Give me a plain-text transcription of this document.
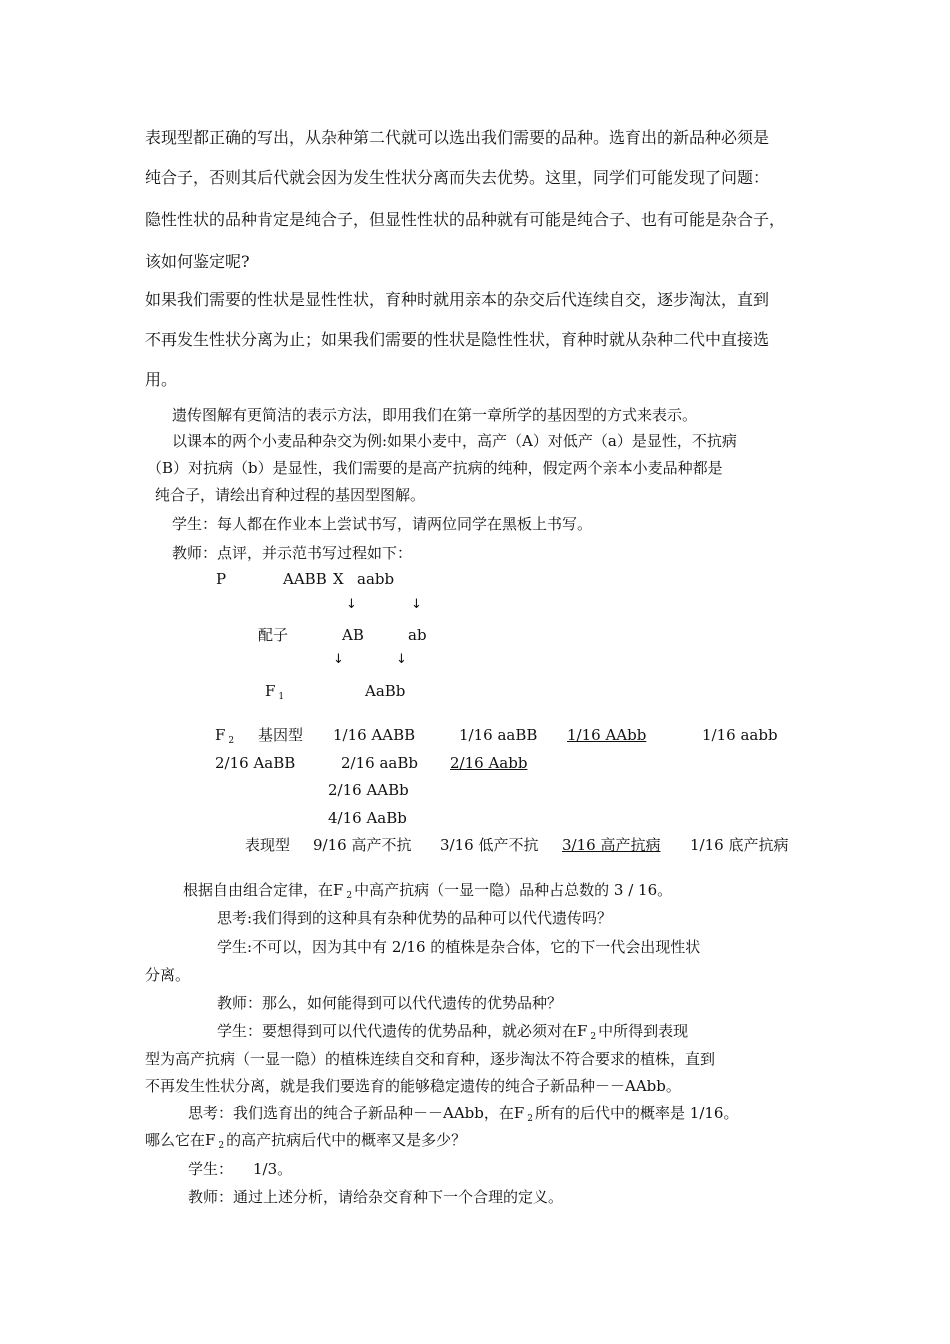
表现型都正确的写出，从杂种第二代就可以选出我们需要的品种。选育出的新品种必须是
纯合子，否则其后代就会因为发生性状分离而失去优势。这里，同学们可能发现了问题：
隐性性状的品种肯定是纯合子，但显性性状的品种就有可能是纯合子、也有可能是杂合子，
该如何鉴定呢?
如果我们需要的性状是显性性状，育种时就用亲本的杂交后代连续自交，逐步淘汰，直到
不再发生性状分离为止；如果我们需要的性状是隐性性状，育种时就从杂种二代中直接选
用。
遗传图解有更简洁的表示方法，即用我们在第一章所学的基因型的方式来表示。
以课本的两个小麦品种杂交为例:如果小麦中，高产（A）对低产（a）是显性，不抗病
（B）对抗病（b）是显性，我们需要的是高产抗病的纯种，假定两个亲本小麦品种都是
纯合子，请绘出育种过程的基因型图解。
学生：每人都在作业本上尝试书写，请两位同学在黑板上书写。
教师：点评，并示范书写过程如下：
P	AABB X aabb
↓	↓
配子	AB	ab
↓	↓
F $_1$	AaBb
F $_2$ 基因型 1/16 AABB	1/16 aaBB 1/16 AAbb	1/16 aabb
2/16 AaBB	2/16 aaBb 2/16 Aabb
2/16 AABb
4/16 AaBb
表现型 9/16 高产不抗 3/16 低产不抗 3/16 高产抗病 1/16 底产抗病
根据自由组合定律，在F $_2$ 中高产抗病（一显一隐）品种占总数的 3 / 16。
思考:我们得到的这种具有杂种优势的品种可以代代遗传吗？
学生:不可以，因为其中有 2/16 的植株是杂合体，它的下一代会出现性状
分离。
教师：那么，如何能得到可以代代遗传的优势品种？
学生：要想得到可以代代遗传的优势品种，就必须对在F $_2$ 中所得到表现
型为高产抗病（一显一隐）的植株连续自交和育种，逐步淘汰不符合要求的植株，直到
不再发生性状分离，就是我们要选育的能够稳定遗传的纯合子新品种－－AAbb。
思考：我们选育出的纯合子新品种－－AAbb，在F $_2$ 所有的后代中的概率是 1/16。
哪么它在F $_2$ 的高产抗病后代中的概率又是多少？
学生： 1/3。
教师：通过上述分析，请给杂交育种下一个合理的定义。
